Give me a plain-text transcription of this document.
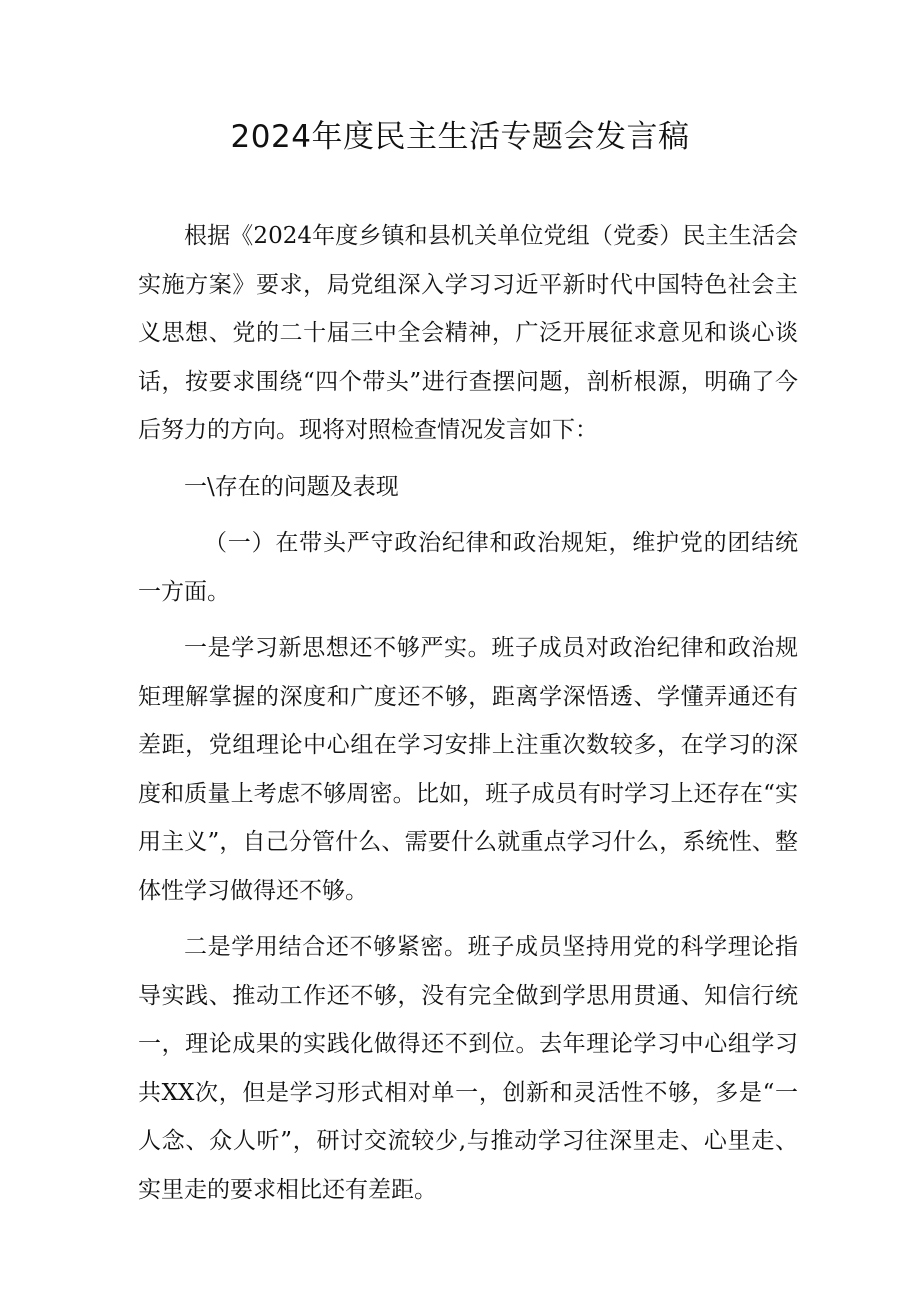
2024年度民主生活专题会发言稿

根据《2024年度乡镇和县机关单位党组（党委）民主生活会实施方案》要求，局党组深入学习习近平新时代中国特色社会主义思想、党的二十届三中全会精神，广泛开展征求意见和谈心谈话，按要求围绕“四个带头”进行查摆问题，剖析根源，明确了今后努力的方向。现将对照检查情况发言如下：

一\存在的问题及表现

（一）在带头严守政治纪律和政治规矩，维护党的团结统一方面。

一是学习新思想还不够严实。班子成员对政治纪律和政治规矩理解掌握的深度和广度还不够，距离学深悟透、学懂弄通还有差距，党组理论中心组在学习安排上注重次数较多，在学习的深度和质量上考虑不够周密。比如，班子成员有时学习上还存在“实用主义”，自己分管什么、需要什么就重点学习什么，系统性、整体性学习做得还不够。

二是学用结合还不够紧密。班子成员坚持用党的科学理论指导实践、推动工作还不够，没有完全做到学思用贯通、知信行统一，理论成果的实践化做得还不到位。去年理论学习中心组学习共XX次，但是学习形式相对单一，创新和灵活性不够，多是“一人念、众人听”，研讨交流较少,与推动学习往深里走、心里走、实里走的要求相比还有差距。
